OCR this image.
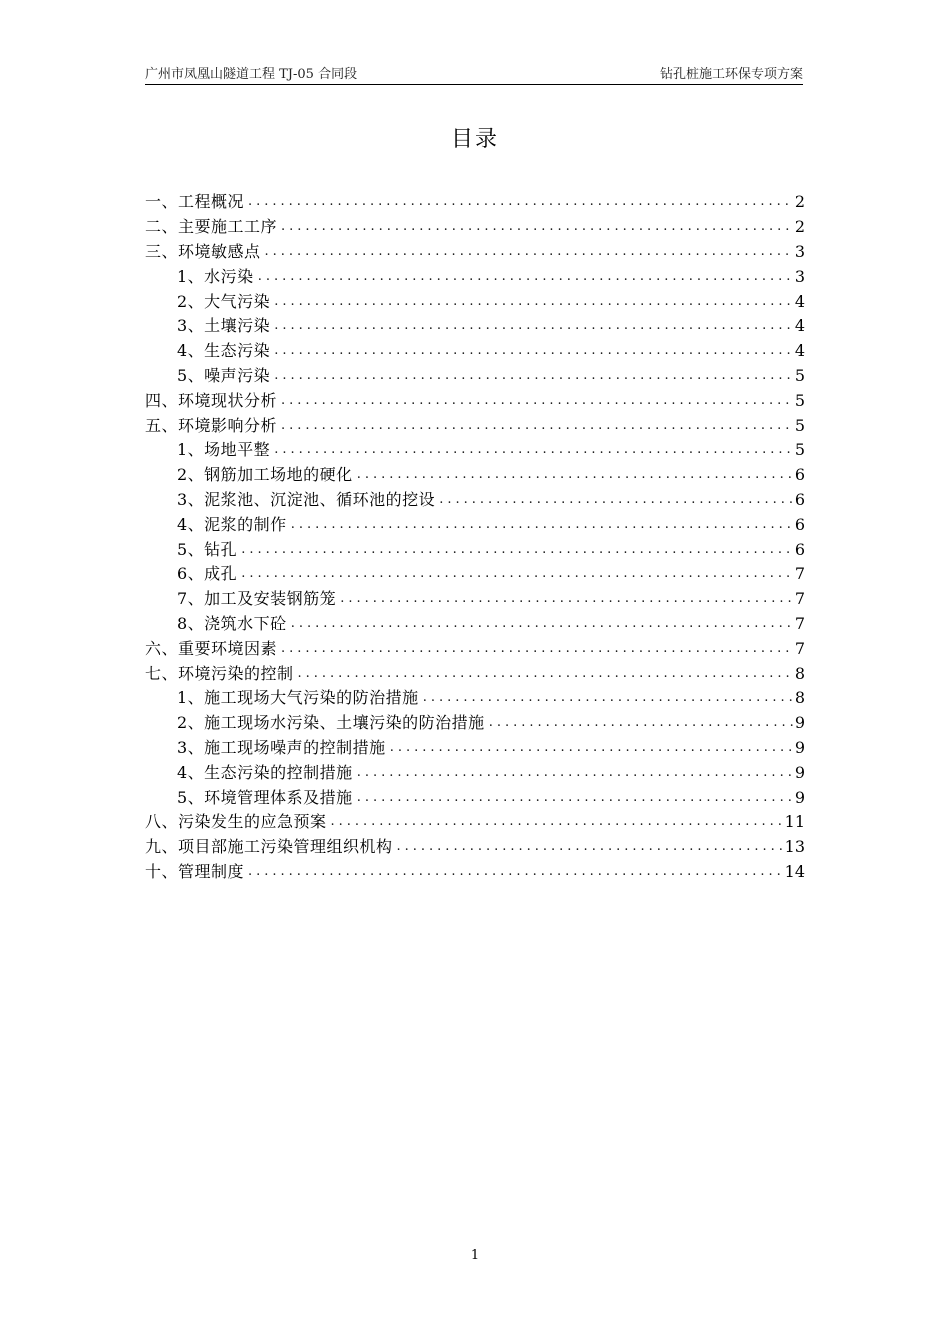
广州市凤凰山隧道工程 TJ-05 合同段	钻孔桩施工环保专项方案
目录
一、工程概况 .....	2
二、主要施工工序 .....	2
三、环境敏感点 .....	3
1、水污染 .....	3
2、大气污染 .....	4
3、土壤污染 .....	4
4、生态污染 .....	4
5、噪声污染 .....	5
四、环境现状分析 .....	5
五、环境影响分析 .....	5
1、场地平整 .....	5
2、钢筋加工场地的硬化 .....	6
3、泥浆池、沉淀池、循环池的挖设 .....	6
4、泥浆的制作 .....	6
5、钻孔 .....	6
6、成孔 .....	7
7、加工及安装钢筋笼 .....	7
8、浇筑水下砼 .....	7
六、重要环境因素 .....	7
七、环境污染的控制 .....	8
1、施工现场大气污染的防治措施 .....	8
2、施工现场水污染、土壤污染的防治措施 .....	9
3、施工现场噪声的控制措施 .....	9
4、生态污染的控制措施 .....	9
5、环境管理体系及措施 .....	9
八、污染发生的应急预案 .....	11
九、项目部施工污染管理组织机构 .....	13
十、管理制度 .....	14
1
